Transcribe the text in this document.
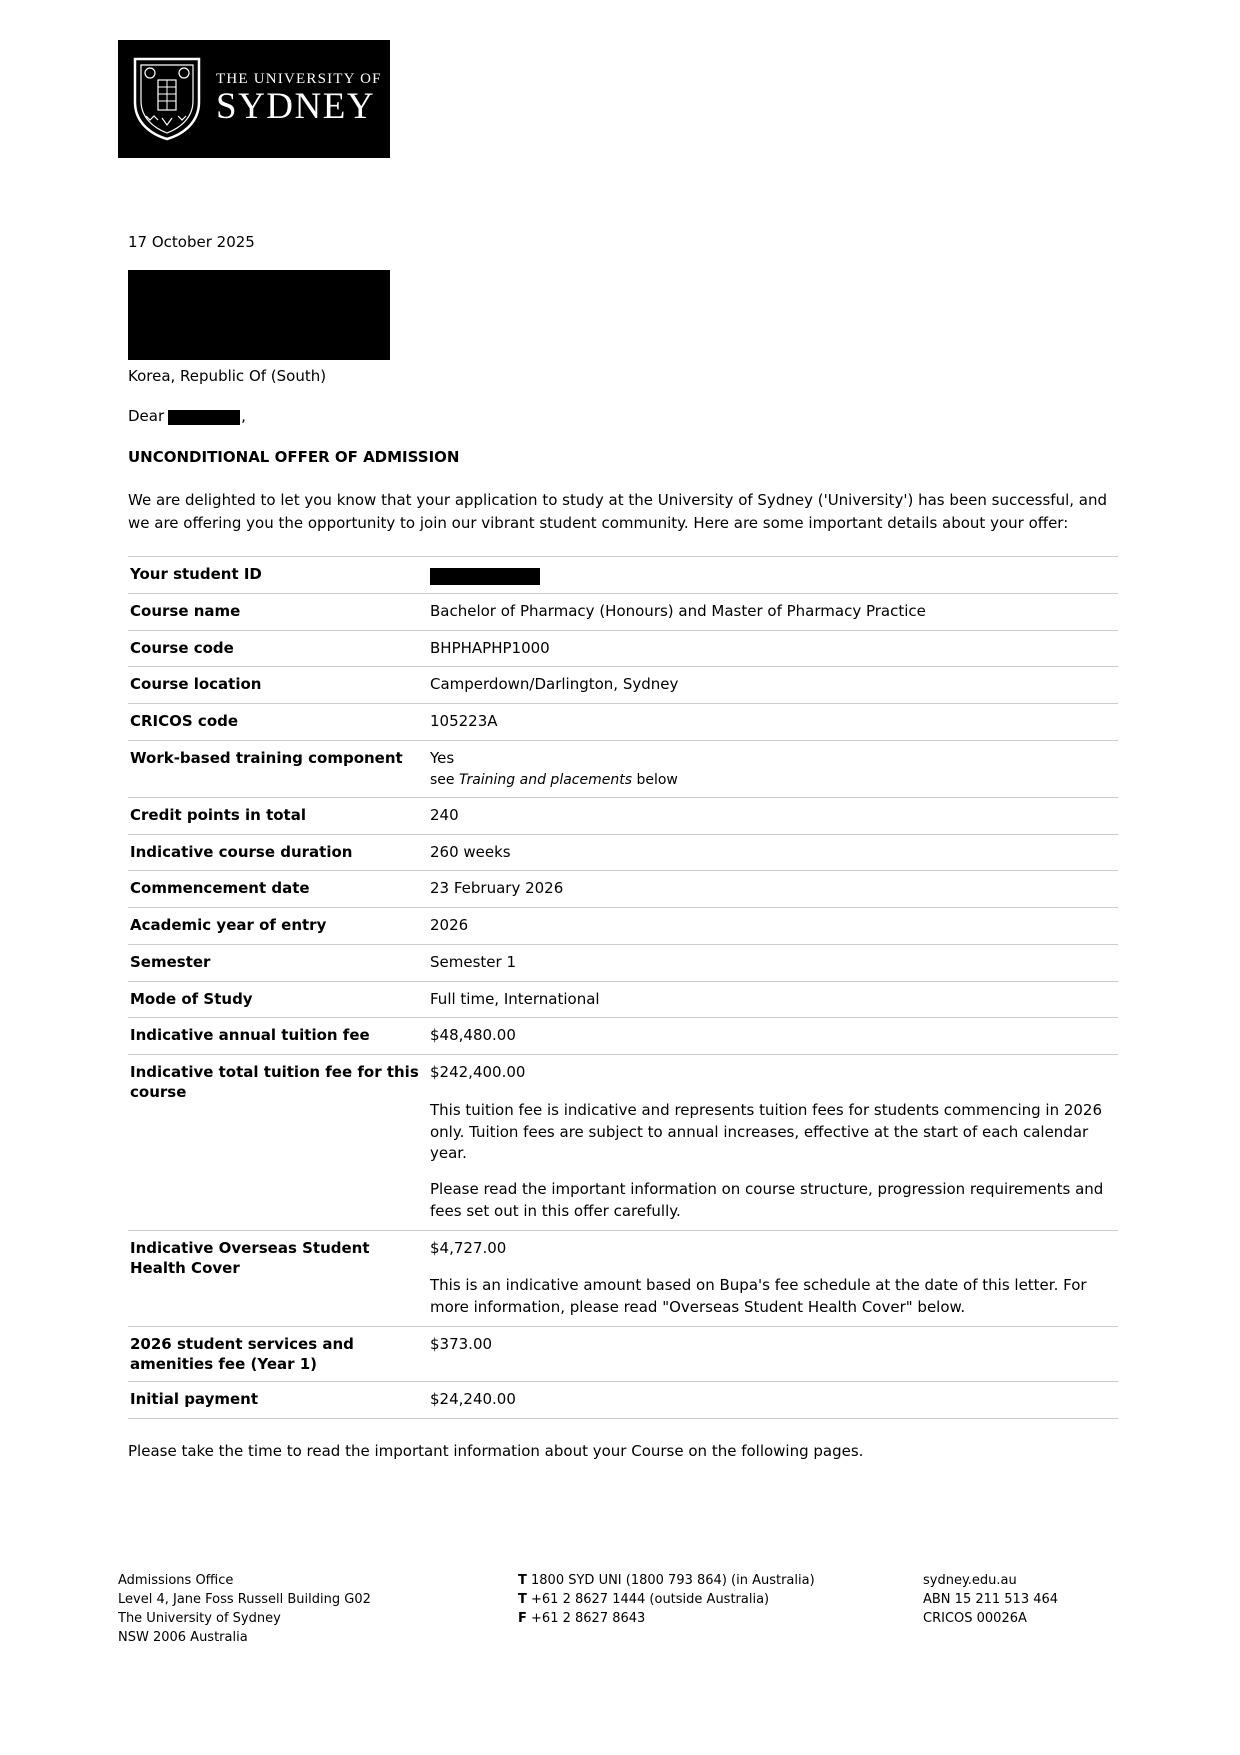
THE UNIVERSITY OF
SYDNEY
17 October 2025
Korea, Republic Of (South)
Dear	,
UNCONDITIONAL OFFER OF ADMISSION
We are delighted to let you know that your application to study at the University of Sydney ('University') has been successful, and we are offering you the opportunity to join our vibrant student community. Here are some important details about your offer:
Your student ID	
Course name	Bachelor of Pharmacy (Honours) and Master of Pharmacy Practice
Course code	BHPHAPHP1000
Course location	Camperdown/Darlington, Sydney
CRICOS code	105223A
Work-based training component	Yes
see Training and placements below

Credit points in total	240
Indicative course duration	260 weeks
Commencement date	23 February 2026
Academic year of entry	2026
Semester	Semester 1
Mode of Study	Full time, International
Indicative annual tuition fee	$48,480.00
Indicative total tuition fee for this course	$242,400.00

This tuition fee is indicative and represents tuition fees for students commencing in 2026 only. Tuition fees are subject to annual increases, effective at the start of each calendar year.

Please read the important information on course structure, progression requirements and fees set out in this offer carefully.

Indicative Overseas Student Health Cover	$4,727.00

This is an indicative amount based on Bupa's fee schedule at the date of this letter. For more information, please read "Overseas Student Health Cover" below.

2026 student services and amenities fee (Year 1)	$373.00
Initial payment	$24,240.00
Please take the time to read the important information about your Course on the following pages.
Admissions Office
Level 4, Jane Foss Russell Building G02
The University of Sydney
NSW 2006 Australia
T 1800 SYD UNI (1800 793 864) (in Australia)
T +61 2 8627 1444 (outside Australia)
F +61 2 8627 8643
sydney.edu.au
ABN 15 211 513 464
CRICOS 00026A
